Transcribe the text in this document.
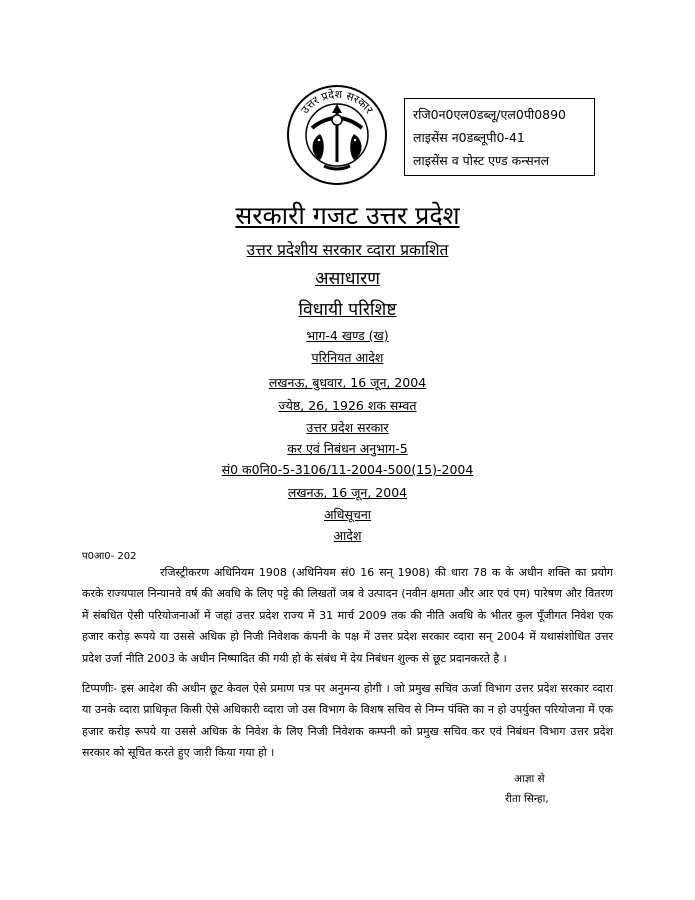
उत्तर प्रदेश सरकार	रजि0न0एल0डब्लू/एल0पी0890
लाइसेंस न0डब्लूपी0-41
लाइसेंस व पोस्ट एण्ड कन्सनल
सरकारी गजट उत्तर प्रदेश
उत्तर प्रदेशीय सरकार व्दारा प्रकाशित
असाधारण
विधायी परिशिष्ट
भाग-4 खण्ड (ख)
परिनियत आदेश
लखनऊ, बुधवार, 16 जून, 2004
ज्येष्ठ, 26, 1926 शक सम्वत
उत्तर प्रदेश सरकार
कर एवं निबंधन अनुभाग-5
सं0 क0नि0-5-3106/11-2004-500(15)-2004
लखनऊ, 16 जून, 2004
अधिसूचना
आदेश
प0आ0- 202
रजिस्ट्रीकरण अधिनियम 1908 (अधिनियम सं0 16 सन् 1908) की धारा 78 क के अधीन शक्ति का प्रयोग करके राज्यपाल निन्यानवे वर्ष की अवधि के लिए पट्टे की लिखतों जब वे उत्पादन (नवीन क्षमता और आर एवं एम) पारेषण और वितरण में संबधित ऐसी परियोजनाओं में जहां उत्तर प्रदेश राज्य में 31 मार्च 2009 तक की नीति अवधि के भीतर कुल पूँजीगत निवेश एक हजार करोड़ रूपये या उससे अधिक हो निजी निवेशक कंपनी के पक्ष में उत्तर प्रदेश सरकार व्दारा सन् 2004 में यथासंशोधित उत्तर प्रदेश उर्जा नीति 2003 के अधीन निष्पादित की गयी हो के संबंध में देय निबंधन शुल्क से छूट प्रदानकरते है ।
टिप्पणीः- इस आदेश की अधीन छूट केवल ऐसे प्रमाण पत्र पर अनुमन्य होगी । जो प्रमुख सचिव ऊर्जा विभाग उत्तर प्रदेश सरकार व्दारा या उनके व्दारा प्राधिकृत किसी ऐसे अधिकारी व्दारा जो उस विभाग के विशष सचिव से निम्न पंक्ति का न हो उपर्युक्त परियोजना में एक हजार करोड़ रूपये या उससे अधिक के निवेश के लिए निजी निवेशक कम्पनी को प्रमुख सचिव कर एवं निबंधन विभाग उत्तर प्रदेश सरकार को सूचित करते हुए जारी किया गया हो ।
आज्ञा से
रीता सिन्हा,
